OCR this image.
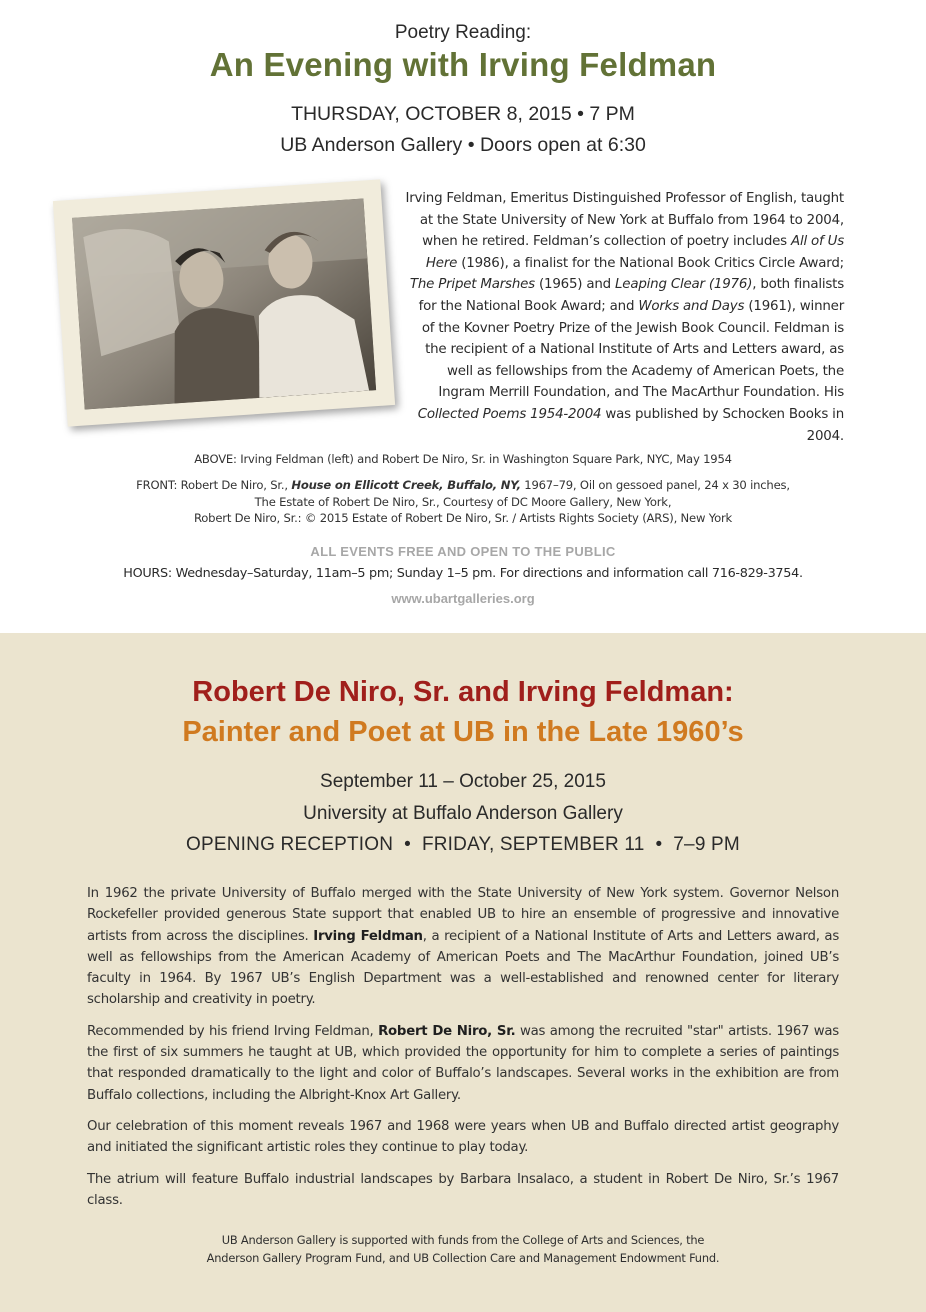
Poetry Reading:
An Evening with Irving Feldman
THURSDAY, OCTOBER 8, 2015 • 7 PM
UB Anderson Gallery • Doors open at 6:30

Irving Feldman, Emeritus Distinguished Professor of English, taught at the State University of New York at Buffalo from 1964 to 2004, when he retired. Feldman’s collection of poetry includes All of Us Here (1986), a finalist for the National Book Critics Circle Award; The Pripet Marshes (1965) and Leaping Clear (1976), both finalists for the National Book Award; and Works and Days (1961), winner of the Kovner Poetry Prize of the Jewish Book Council. Feldman is the recipient of a National Institute of Arts and Letters award, as well as fellowships from the Academy of American Poets, the Ingram Merrill Foundation, and The MacArthur Foundation. His Collected Poems 1954-2004 was published by Schocken Books in 2004.

ABOVE: Irving Feldman (left) and Robert De Niro, Sr. in Washington Square Park, NYC, May 1954
FRONT: Robert De Niro, Sr., House on Ellicott Creek, Buffalo, NY, 1967–79, Oil on gessoed panel, 24 x 30 inches,
The Estate of Robert De Niro, Sr., Courtesy of DC Moore Gallery, New York,
Robert De Niro, Sr.: © 2015 Estate of Robert De Niro, Sr. / Artists Rights Society (ARS), New York
ALL EVENTS FREE AND OPEN TO THE PUBLIC
HOURS: Wednesday–Saturday, 11am–5 pm; Sunday 1–5 pm. For directions and information call 716-829-3754.
www.ubartgalleries.org
Robert De Niro, Sr. and Irving Feldman:
Painter and Poet at UB in the Late 1960’s
September 11 – October 25, 2015
University at Buffalo Anderson Gallery
OPENING RECEPTION  •  FRIDAY, SEPTEMBER 11  •  7–9 PM

In 1962 the private University of Buffalo merged with the State University of New York system. Governor Nelson Rockefeller provided generous State support that enabled UB to hire an ensemble of progressive and innovative artists from across the disciplines. Irving Feldman, a recipient of a National Institute of Arts and Letters award, as well as fellowships from the American Academy of American Poets and The MacArthur Foundation, joined UB’s faculty in 1964. By 1967 UB’s English Department was a well-established and renowned center for literary scholarship and creativity in poetry.

Recommended by his friend Irving Feldman, Robert De Niro, Sr. was among the recruited "star" artists. 1967 was the first of six summers he taught at UB, which provided the opportunity for him to complete a series of paintings that responded dramatically to the light and color of Buffalo’s landscapes. Several works in the exhibition are from Buffalo collections, including the Albright-Knox Art Gallery.

Our celebration of this moment reveals 1967 and 1968 were years when UB and Buffalo directed artist geography and initiated the significant artistic roles they continue to play today.

The atrium will feature Buffalo industrial landscapes by Barbara Insalaco, a student in Robert De Niro, Sr.’s 1967 class.

UB Anderson Gallery is supported with funds from the College of Arts and Sciences, the
Anderson Gallery Program Fund, and UB Collection Care and Management Endowment Fund.
